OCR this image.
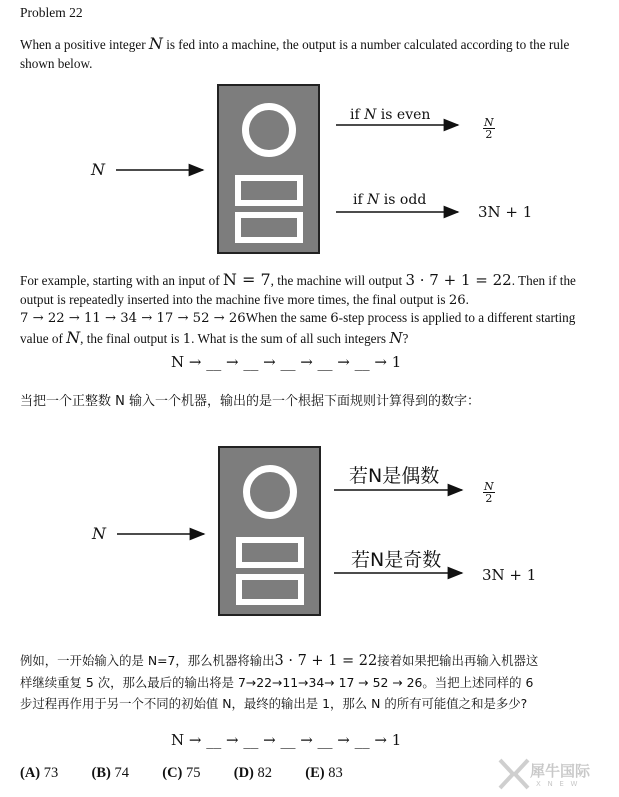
Problem 22
When a positive integer N is fed into a machine, the output is a number calculated according to the rule shown below.
N
if N is even
if N is odd
$\frac{N}{2}$
3N + 1
For example, starting with an input of N = 7, the machine will output 3 · 7 + 1 = 22. Then if the output is repeatedly inserted into the machine five more times, the final output is 26.
7 → 22 → 11 → 34 → 17 → 52 → 26When the same 6-step process is applied to a different starting value of N, the final output is 1. What is the sum of all such integers N?
N → __ → __ → __ → __ → __ → 1
当把一个正整数 N 输入一个机器，输出的是一个根据下面规则计算得到的数字：
N
若N是偶数
若N是奇数
$\frac{N}{2}$
3N + 1
例如，一开始输入的是 N=7，那么机器将输出3 · 7 + 1 = 22接着如果把输出再输入机器这
样继续重复 5 次，那么最后的输出将是 7→22→11→34→ 17 → 52 → 26。当把上述同样的 6
步过程再作用于另一个不同的初始值 N，最终的输出是 1，那么 N 的所有可能值之和是多少?
N → __ → __ → __ → __ → __ → 1
(A) 73 (B) 74 (C) 75 (D) 82 (E) 83	犀牛国际
X   N   E   W
